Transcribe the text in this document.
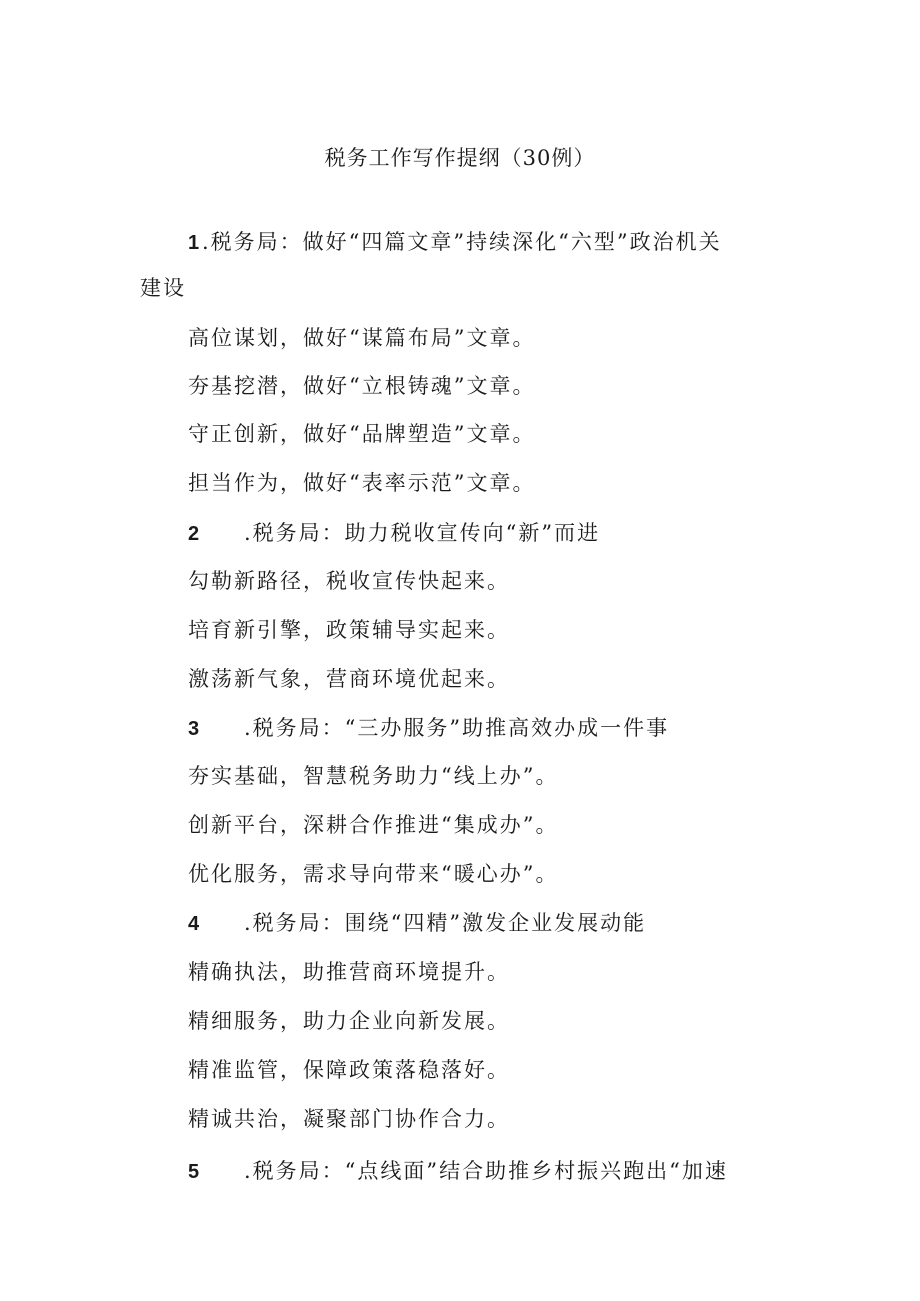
税务工作写作提纲（30例）
1.税务局：做好“四篇文章”持续深化“六型”政治机关
建设
高位谋划，做好“谋篇布局”文章。
夯基挖潜，做好“立根铸魂”文章。
守正创新，做好“品牌塑造”文章。
担当作为，做好“表率示范”文章。
2 .税务局：助力税收宣传向“新”而进
勾勒新路径，税收宣传快起来。
培育新引擎，政策辅导实起来。
激荡新气象，营商环境优起来。
3 .税务局：“三办服务”助推高效办成一件事
夯实基础，智慧税务助力“线上办”。
创新平台，深耕合作推进“集成办”。
优化服务，需求导向带来“暖心办”。
4 .税务局：围绕“四精”激发企业发展动能
精确执法，助推营商环境提升。
精细服务，助力企业向新发展。
精准监管，保障政策落稳落好。
精诚共治，凝聚部门协作合力。
5 .税务局：“点线面”结合助推乡村振兴跑出“加速
